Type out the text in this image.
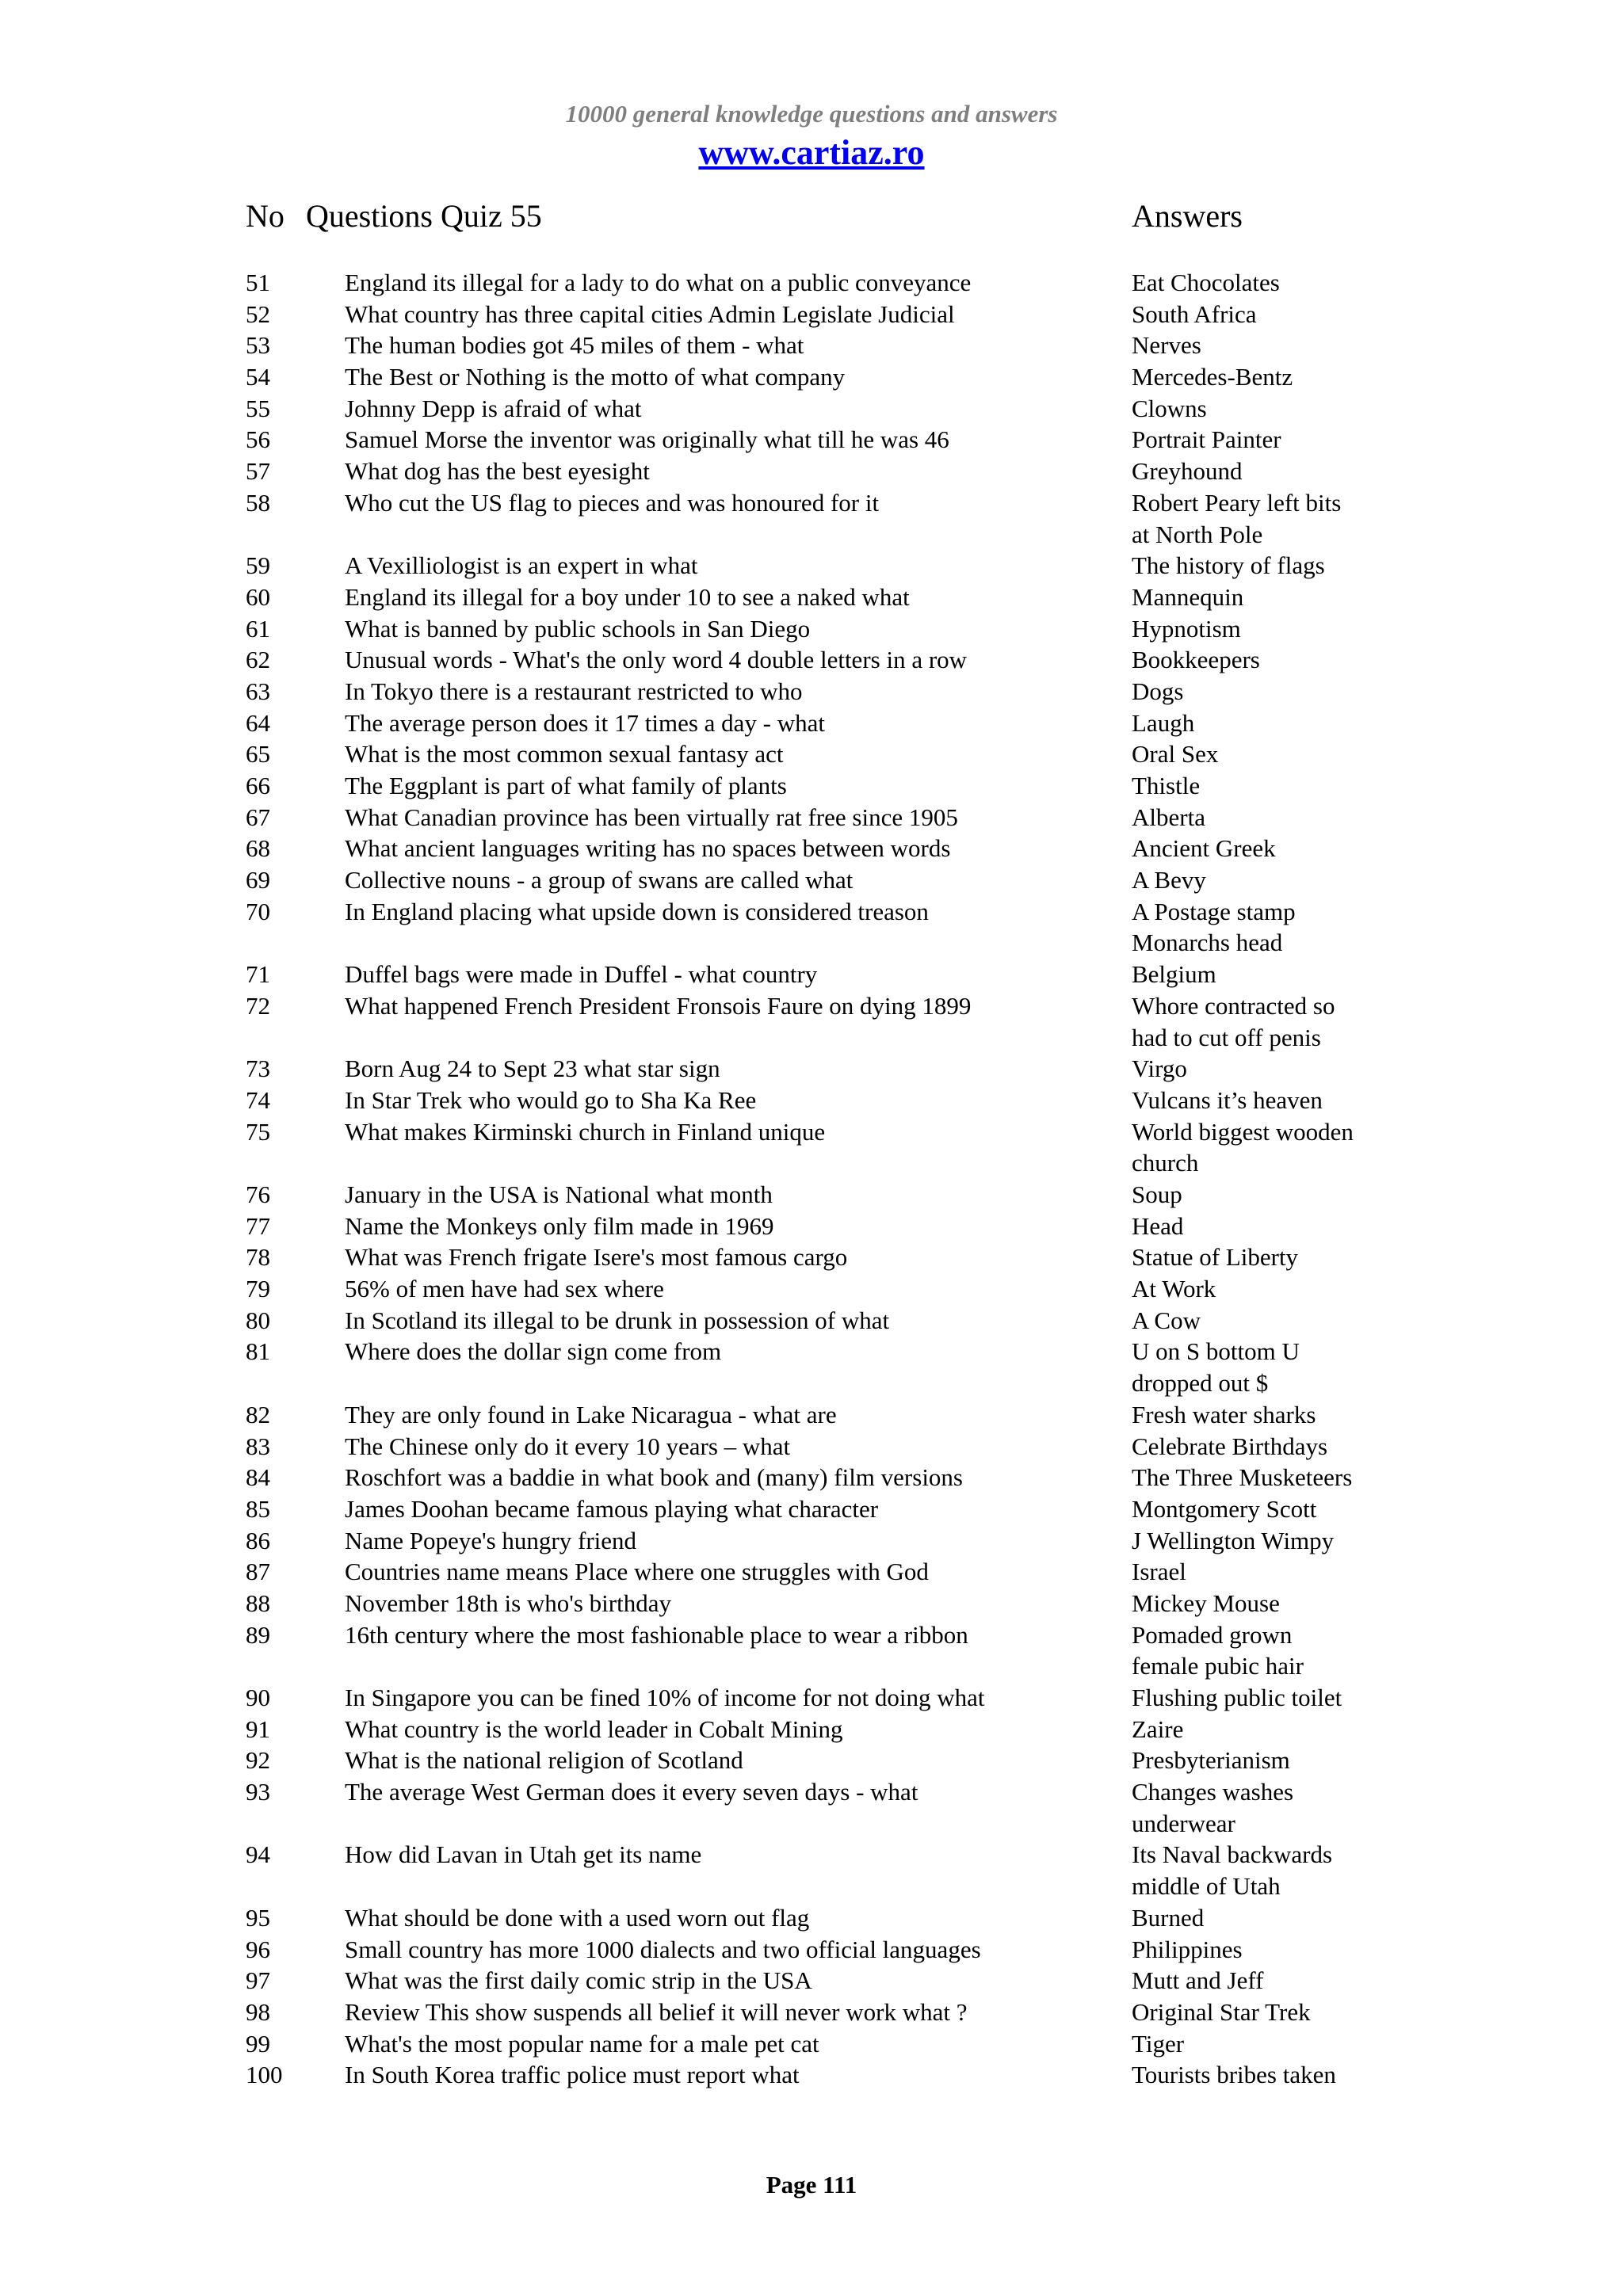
10000 general knowledge questions and answers
www.cartiaz.ro
No Questions Quiz 55	Answers
51	England its illegal for a lady to do what on a public conveyance	Eat Chocolates
52	What country has three capital cities Admin Legislate Judicial	South Africa
53	The human bodies got 45 miles of them - what	Nerves
54	The Best or Nothing is the motto of what company	Mercedes-Bentz
55	Johnny Depp is afraid of what	Clowns
56	Samuel Morse the inventor was originally what till he was 46	Portrait Painter
57	What dog has the best eyesight	Greyhound
58	Who cut the US flag to pieces and was honoured for it	Robert Peary left bits
at North Pole
59	A Vexilliologist is an expert in what	The history of flags
60	England its illegal for a boy under 10 to see a naked what	Mannequin
61	What is banned by public schools in San Diego	Hypnotism
62	Unusual words - What's the only word 4 double letters in a row	Bookkeepers
63	In Tokyo there is a restaurant restricted to who	Dogs
64	The average person does it 17 times a day - what	Laugh
65	What is the most common sexual fantasy act	Oral Sex
66	The Eggplant is part of what family of plants	Thistle
67	What Canadian province has been virtually rat free since 1905	Alberta
68	What ancient languages writing has no spaces between words	Ancient Greek
69	Collective nouns - a group of swans are called what	A Bevy
70	In England placing what upside down is considered treason	A Postage stamp
Monarchs head
71	Duffel bags were made in Duffel - what country	Belgium
72	What happened French President Fronsois Faure on dying 1899	Whore contracted so
had to cut off penis
73	Born Aug 24 to Sept 23 what star sign	Virgo
74	In Star Trek who would go to Sha Ka Ree	Vulcans it’s heaven
75	What makes Kirminski church in Finland unique	World biggest wooden
church
76	January in the USA is National what month	Soup
77	Name the Monkeys only film made in 1969	Head
78	What was French frigate Isere's most famous cargo	Statue of Liberty
79	56% of men have had sex where	At Work
80	In Scotland its illegal to be drunk in possession of what	A Cow
81	Where does the dollar sign come from	U on S bottom U
dropped out $
82	They are only found in Lake Nicaragua - what are	Fresh water sharks
83	The Chinese only do it every 10 years – what	Celebrate Birthdays
84	Roschfort was a baddie in what book and (many) film versions	The Three Musketeers
85	James Doohan became famous playing what character	Montgomery Scott
86	Name Popeye's hungry friend	J Wellington Wimpy
87	Countries name means Place where one struggles with God	Israel
88	November 18th is who's birthday	Mickey Mouse
89	16th century where the most fashionable place to wear a ribbon	Pomaded grown
female pubic hair
90	In Singapore you can be fined 10% of income for not doing what	Flushing public toilet
91	What country is the world leader in Cobalt Mining	Zaire
92	What is the national religion of Scotland	Presbyterianism
93	The average West German does it every seven days - what	Changes washes
underwear
94	How did Lavan in Utah get its name	Its Naval backwards
middle of Utah
95	What should be done with a used worn out flag	Burned
96	Small country has more 1000 dialects and two official languages	Philippines
97	What was the first daily comic strip in the USA	Mutt and Jeff
98	Review This show suspends all belief it will never work what ?	Original Star Trek
99	What's the most popular name for a male pet cat	Tiger
100	In South Korea traffic police must report what	Tourists bribes taken
Page 111
